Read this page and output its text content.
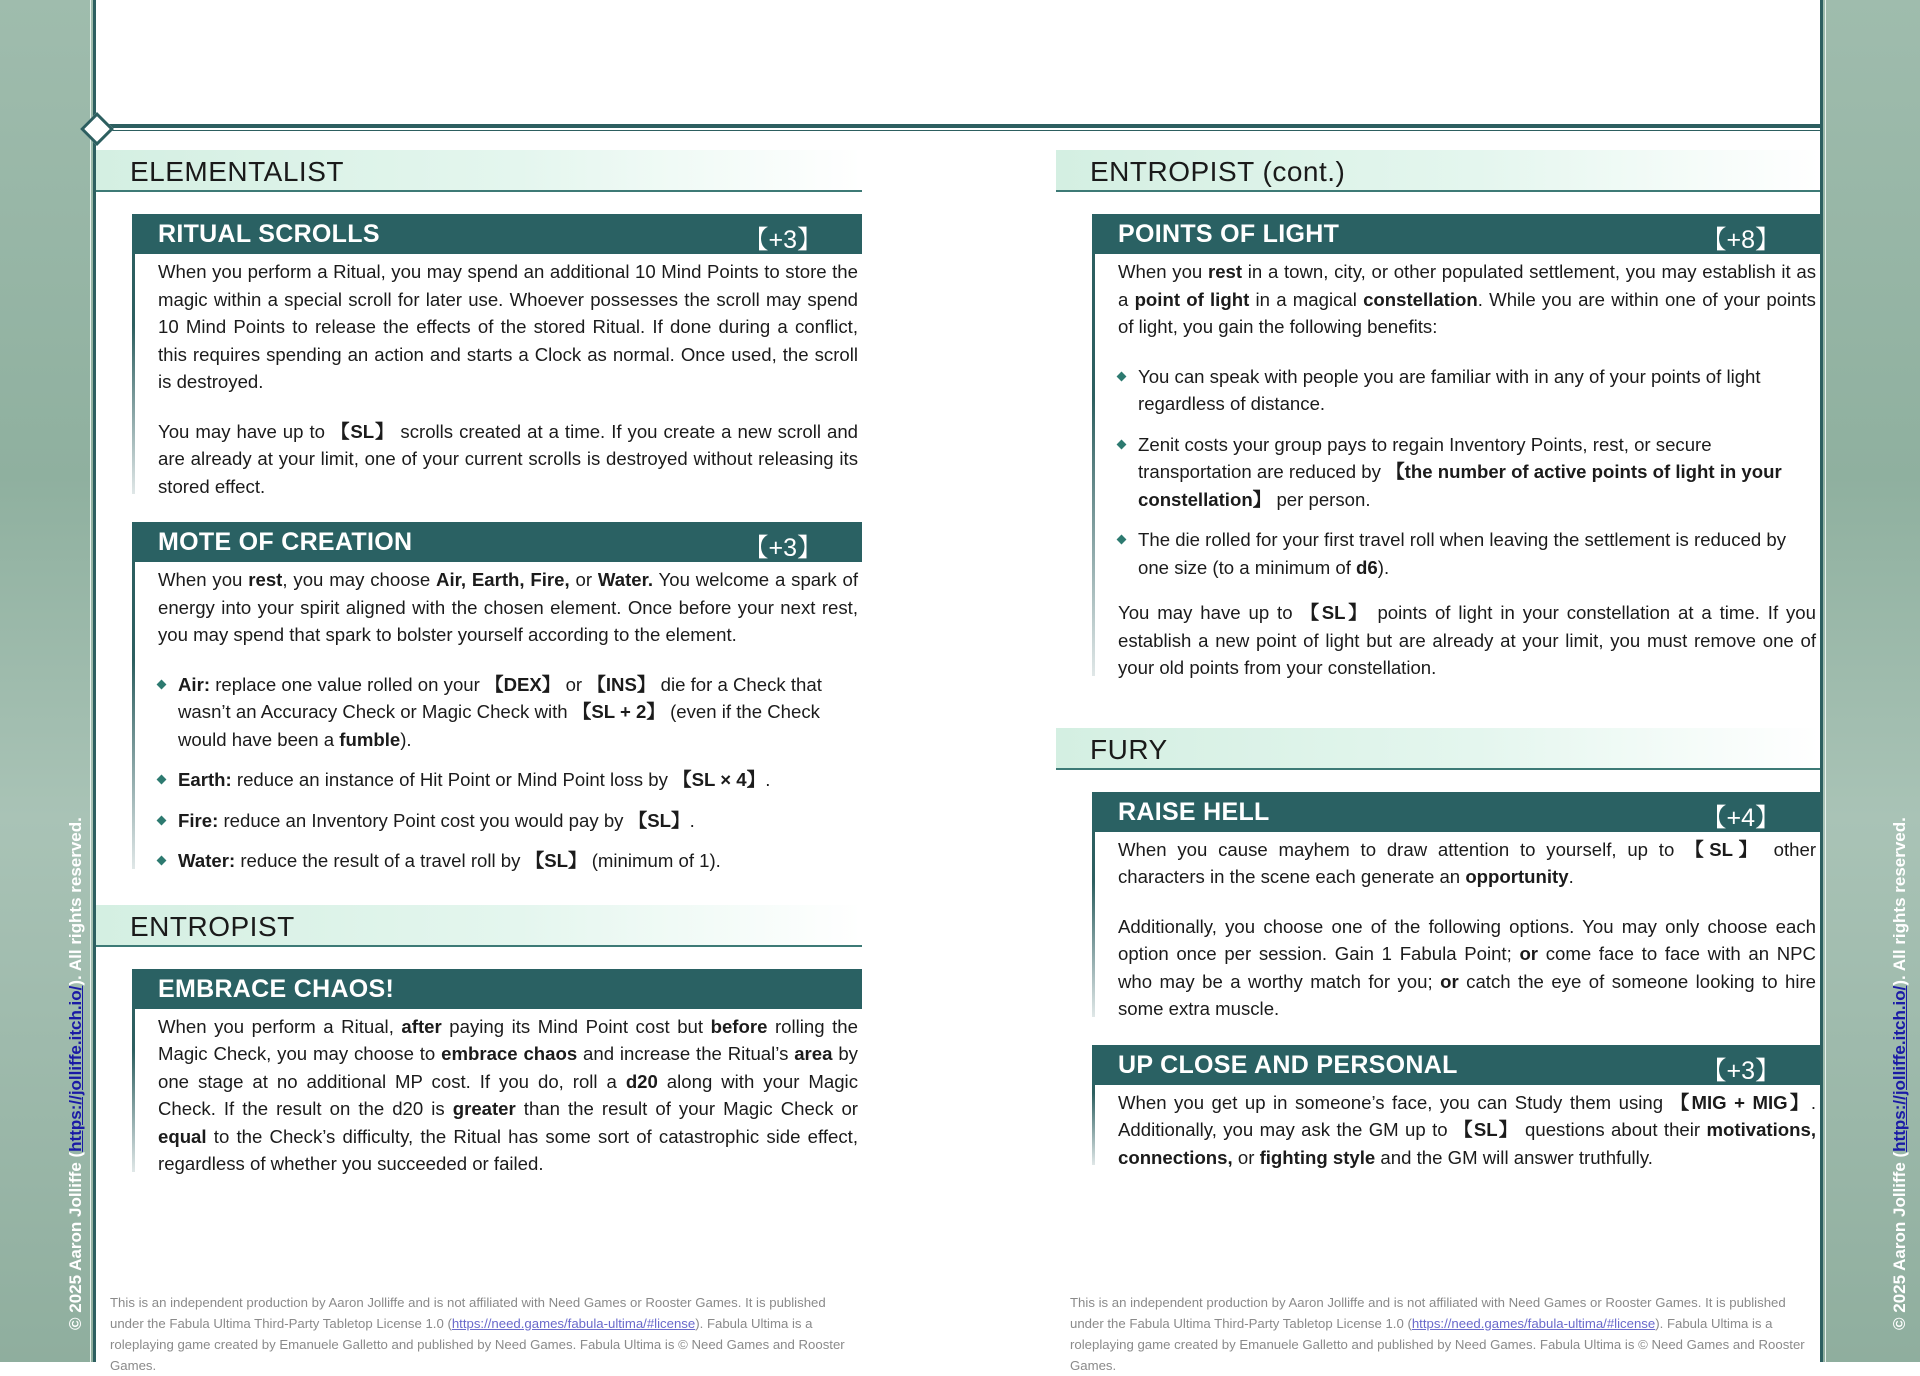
© 2025 Aaron Jolliffe (https://jolliffe.itch.io/). All rights reserved.
© 2025 Aaron Jolliffe (https://jolliffe.itch.io/). All rights reserved.
ELEMENTALIST
RITUAL SCROLLS	【+3】

When you perform a Ritual, you may spend an additional 10 Mind Points to store the magic within a special scroll for later use. Whoever possesses the scroll may spend 10 Mind Points to release the effects of the stored Ritual. If done during a conflict, this requires spending an action and starts a Clock as normal. Once used, the scroll is destroyed.

You may have up to 【SL】 scrolls created at a time. If you create a new scroll and are already at your limit, one of your current scrolls is destroyed without releasing its stored effect.

MOTE OF CREATION	【+3】

When you rest, you may choose Air, Earth, Fire, or Water. You welcome a spark of energy into your spirit aligned with the chosen element. Once before your next rest, you may spend that spark to bolster yourself according to the element.

Air: replace one value rolled on your 【DEX】 or 【INS】 die for a Check that wasn’t an Accuracy Check or Magic Check with 【SL + 2】 (even if the Check would have been a fumble).
Earth: reduce an instance of Hit Point or Mind Point loss by 【SL × 4】.
Fire: reduce an Inventory Point cost you would pay by 【SL】.
Water: reduce the result of a travel roll by 【SL】 (minimum of 1).
ENTROPIST
EMBRACE CHAOS!

When you perform a Ritual, after paying its Mind Point cost but before rolling the Magic Check, you may choose to embrace chaos and increase the Ritual’s area by one stage at no additional MP cost. If you do, roll a d20 along with your Magic Check. If the result on the d20 is greater than the result of your Magic Check or equal to the Check’s difficulty, the Ritual has some sort of catastrophic side effect, regardless of whether you succeeded or failed.

ENTROPIST (cont.)
POINTS OF LIGHT	【+8】

When you rest in a town, city, or other populated settlement, you may establish it as a point of light in a magical constellation. While you are within one of your points of light, you gain the following benefits:

You can speak with people you are familiar with in any of your points of light regardless of distance.
Zenit costs your group pays to regain Inventory Points, rest, or secure transportation are reduced by 【the number of active points of light in your constellation】 per person.
The die rolled for your first travel roll when leaving the settlement is reduced by one size (to a minimum of d6).

You may have up to 【SL】 points of light in your constellation at a time. If you establish a new point of light but are already at your limit, you must remove one of your old points from your constellation.

FURY
RAISE HELL	【+4】

When you cause mayhem to draw attention to yourself, up to 【SL】 other characters in the scene each generate an opportunity.

Additionally, you choose one of the following options. You may only choose each option once per session. Gain 1 Fabula Point; or come face to face with an NPC who may be a worthy match for you; or catch the eye of someone looking to hire some extra muscle.

UP CLOSE AND PERSONAL	【+3】

When you get up in someone’s face, you can Study them using 【MIG + MIG】. Additionally, you may ask the GM up to 【SL】 questions about their motivations, connections, or fighting style and the GM will answer truthfully.

This is an independent production by Aaron Jolliffe and is not affiliated with Need Games or Rooster Games. It is published under the Fabula Ultima Third-Party Tabletop License 1.0 (https://need.games/fabula-ultima/#license). Fabula Ultima is a roleplaying game created by Emanuele Galletto and published by Need Games. Fabula Ultima is © Need Games and Rooster Games.
This is an independent production by Aaron Jolliffe and is not affiliated with Need Games or Rooster Games. It is published under the Fabula Ultima Third-Party Tabletop License 1.0 (https://need.games/fabula-ultima/#license). Fabula Ultima is a roleplaying game created by Emanuele Galletto and published by Need Games. Fabula Ultima is © Need Games and Rooster Games.
